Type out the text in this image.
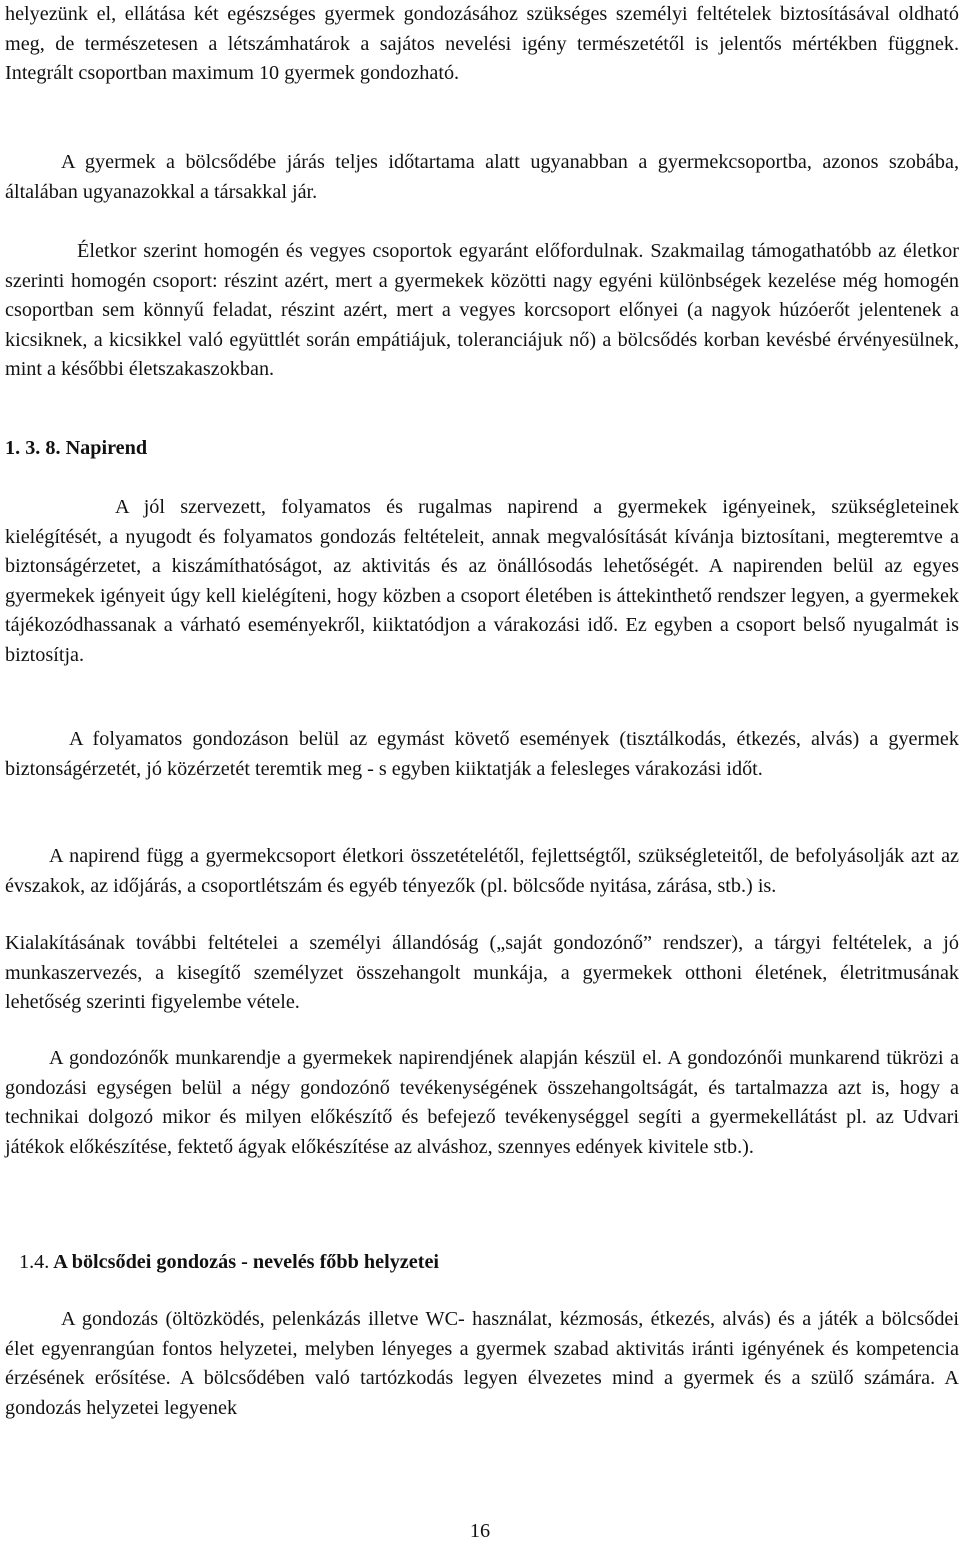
helyezünk el, ellátása két egészséges gyermek gondozásához szükséges személyi feltételek biztosításával oldható meg, de természetesen a létszámhatárok a sajátos nevelési igény természetétől is jelentős mértékben függnek. Integrált csoportban maximum 10 gyermek gondozható.

A gyermek a bölcsődébe járás teljes időtartama alatt ugyanabban a gyermekcsoportba, azonos szobába, általában ugyanazokkal a társakkal jár.

Életkor szerint homogén és vegyes csoportok egyaránt előfordulnak. Szakmailag támogathatóbb az életkor szerinti homogén csoport: részint azért, mert a gyermekek közötti nagy egyéni különbségek kezelése még homogén csoportban sem könnyű feladat, részint azért, mert a vegyes korcsoport előnyei (a nagyok húzóerőt jelentenek a kicsiknek, a kicsikkel való együttlét során empátiájuk, toleranciájuk nő) a bölcsődés korban kevésbé érvényesülnek, mint a későbbi életszakaszokban.

1. 3. 8. Napirend

A jól szervezett, folyamatos és rugalmas napirend a gyermekek igényeinek, szükségleteinek kielégítését, a nyugodt és folyamatos gondozás feltételeit, annak megvalósítását kívánja biztosítani, megteremtve a biztonságérzetet, a kiszámíthatóságot, az aktivitás és az önállósodás lehetőségét. A napirenden belül az egyes gyermekek igényeit úgy kell kielégíteni, hogy közben a csoport életében is áttekinthető rendszer legyen, a gyermekek tájékozódhassanak a várható eseményekről, kiiktatódjon a várakozási idő. Ez egyben a csoport belső nyugalmát is biztosítja.

A folyamatos gondozáson belül az egymást követő események (tisztálkodás, étkezés, alvás) a gyermek biztonságérzetét, jó közérzetét teremtik meg - s egyben kiiktatják a felesleges várakozási időt.

A napirend függ a gyermekcsoport életkori összetételétől, fejlettségtől, szükségleteitől, de befolyásolják azt az évszakok, az időjárás, a csoportlétszám és egyéb tényezők (pl. bölcsőde nyitása, zárása, stb.) is.

Kialakításának további feltételei a személyi állandóság („saját gondozónő” rendszer), a tárgyi feltételek, a jó munkaszervezés, a kisegítő személyzet összehangolt munkája, a gyermekek otthoni életének, életritmusának lehetőség szerinti figyelembe vétele.

A gondozónők munkarendje a gyermekek napirendjének alapján készül el. A gondozónői munkarend tükrözi a gondozási egységen belül a négy gondozónő tevékenységének összehangoltságát, és tartalmazza azt is, hogy a technikai dolgozó mikor és milyen előkészítő és befejező tevékenységgel segíti a gyermekellátást pl. az Udvari játékok előkészítése, fektető ágyak előkészítése az alváshoz, szennyes edények kivitele stb.).

1.4. A bölcsődei gondozás - nevelés főbb helyzetei

A gondozás (öltözködés, pelenkázás illetve WC- használat, kézmosás, étkezés, alvás) és a játék a bölcsődei élet egyenrangúan fontos helyzetei, melyben lényeges a gyermek szabad aktivitás iránti igényének és kompetencia érzésének erősítése. A bölcsődében való tartózkodás legyen élvezetes mind a gyermek és a szülő számára. A gondozás helyzetei legyenek

16
